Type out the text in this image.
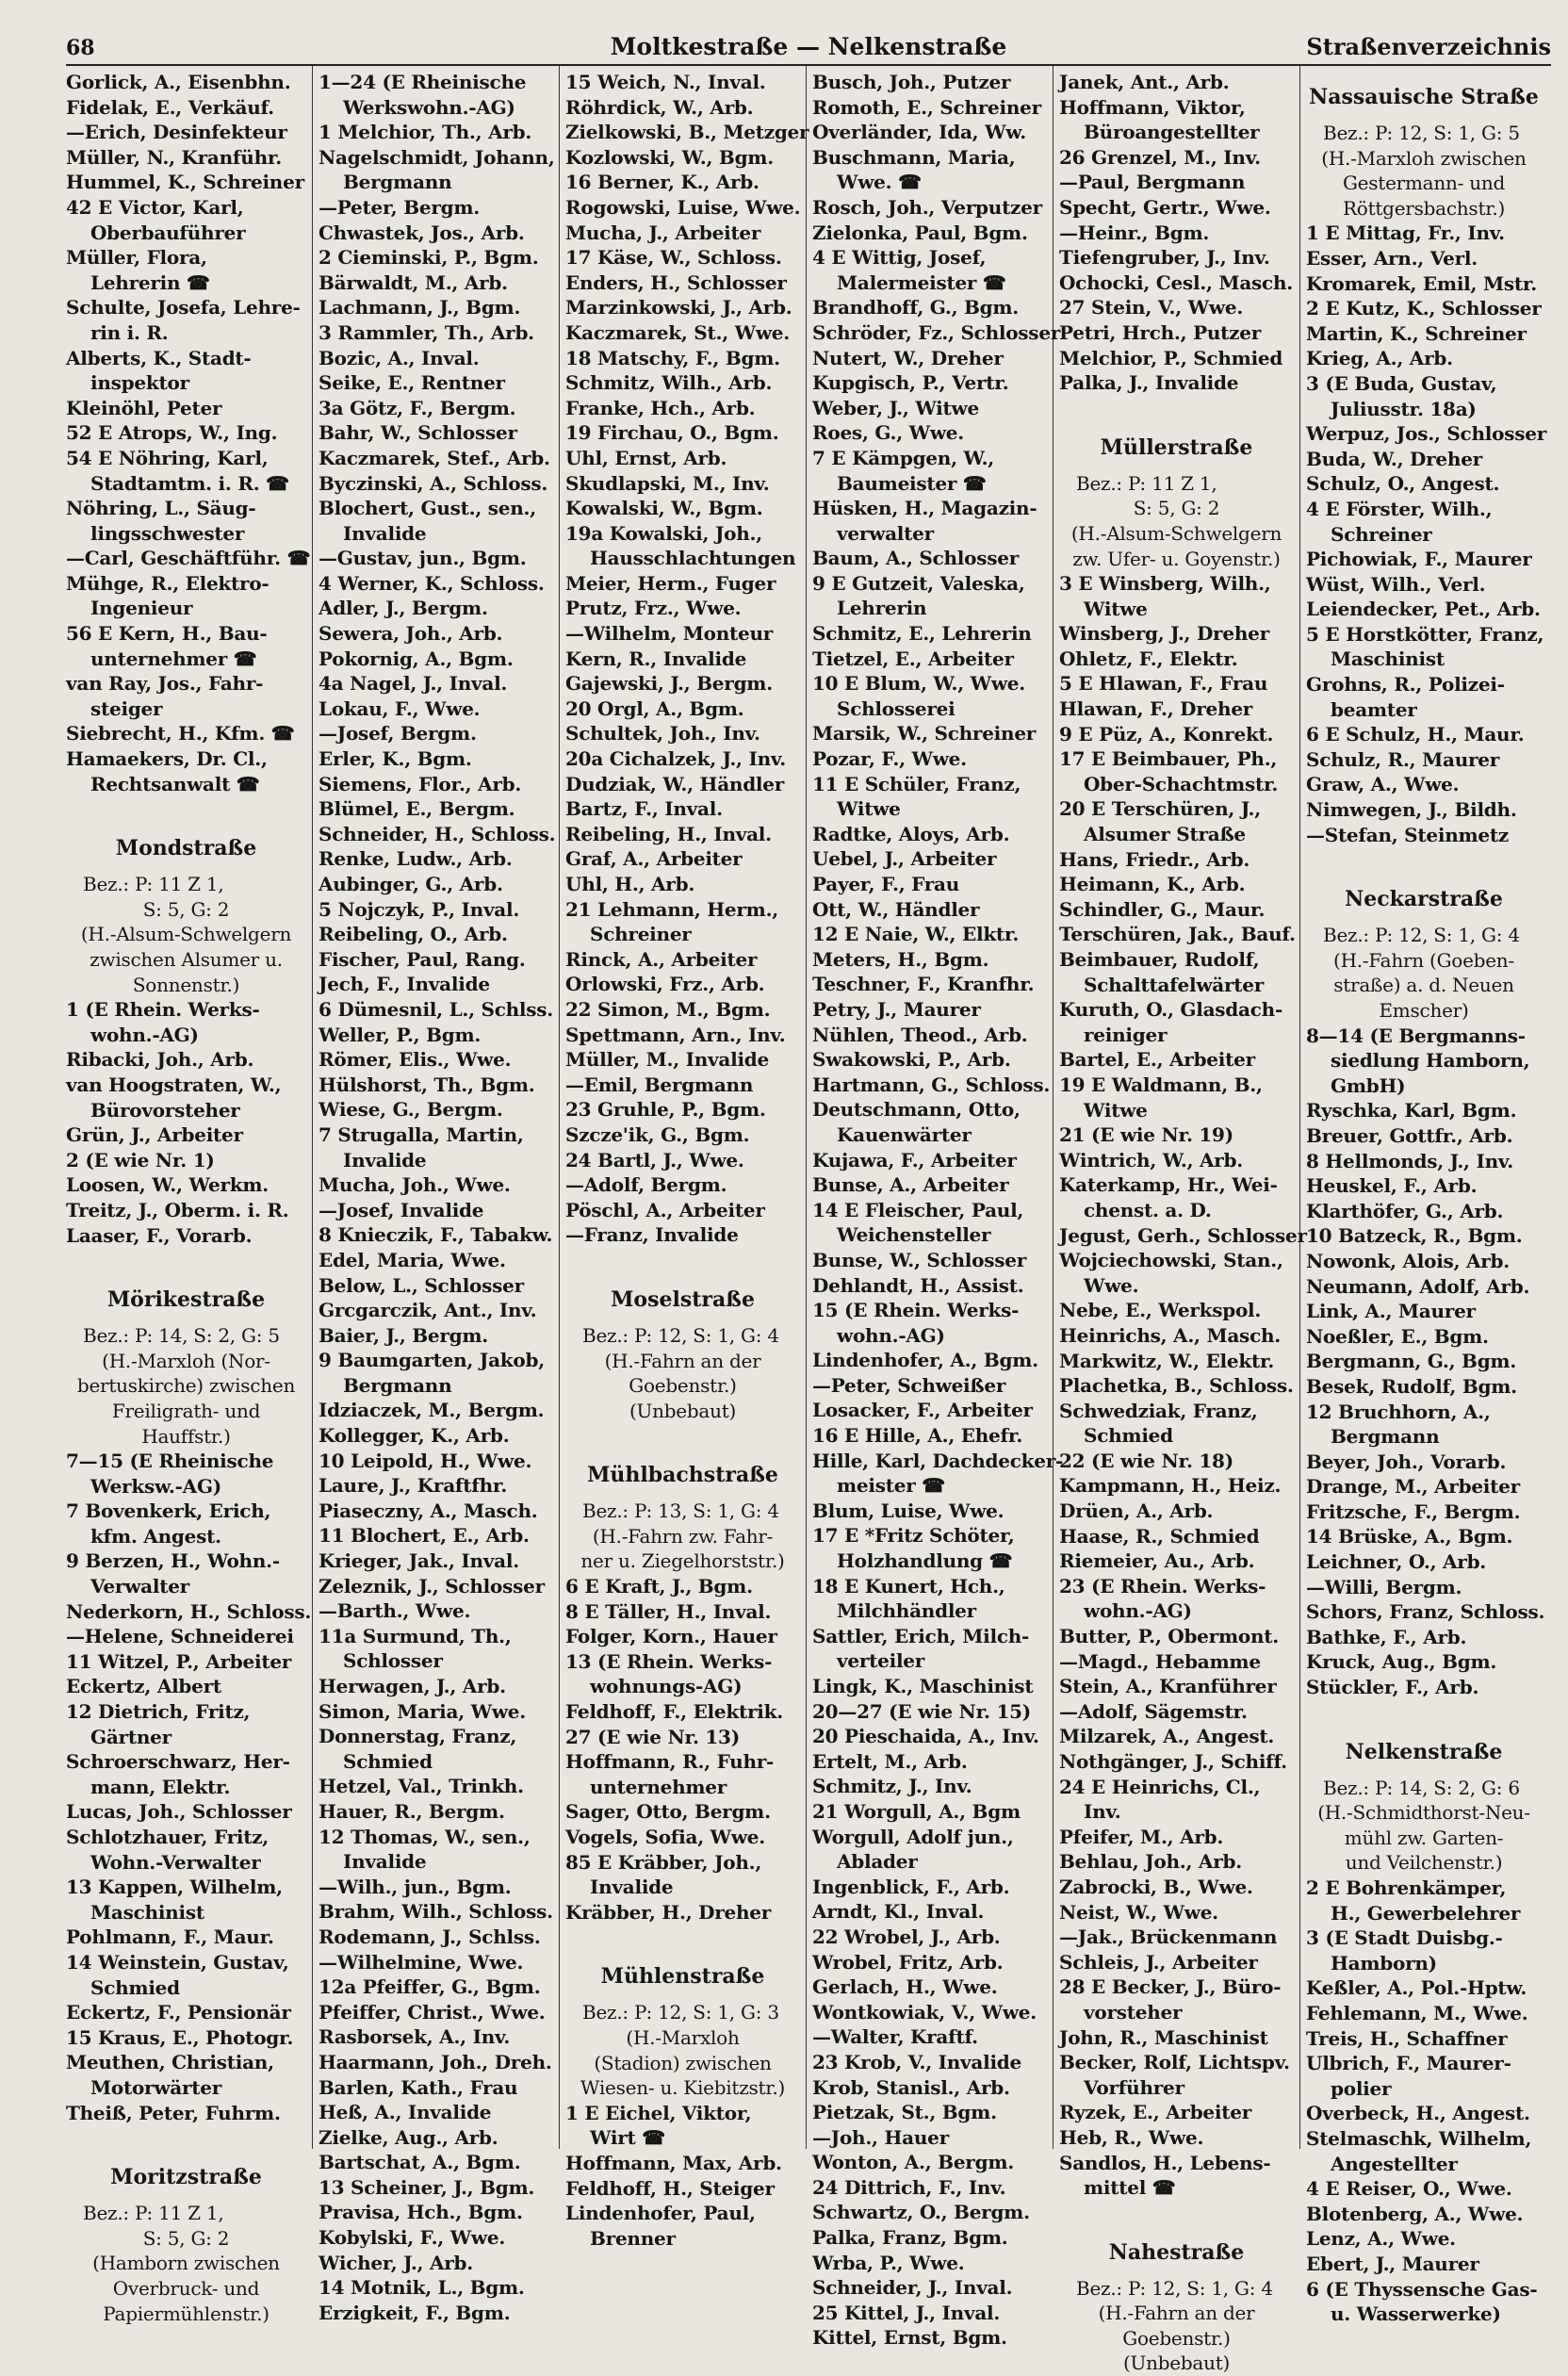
68	Moltkestraße — Nelkenstraße	Straßenverzeichnis
Gorlick, A., Eisenbhn.
Fidelak, E., Verkäuf.
—Erich, Desinfekteur
Müller, N., Kranführ.
Hummel, K., Schreiner
42 E Victor, Karl,
Oberbauführer
Müller, Flora,
Lehrerin ☎
Schulte, Josefa, Lehre-
rin i. R.
Alberts, K., Stadt-
inspektor
Kleinöhl, Peter
52 E Atrops, W., Ing.
54 E Nöhring, Karl,
Stadtamtm. i. R. ☎
Nöhring, L., Säug-
lingsschwester
—Carl, Geschäftführ. ☎
Mühge, R., Elektro-
Ingenieur
56 E Kern, H., Bau-
unternehmer ☎
van Ray, Jos., Fahr-
steiger
Siebrecht, H., Kfm. ☎
Hamaekers, Dr. Cl.,
Rechtsanwalt ☎
Mondstraße
Bez.: P: 11 Z 1,
S: 5, G: 2
(H.-Alsum-Schwelgern
zwischen Alsumer u.
Sonnenstr.)
1 (E Rhein. Werks-
wohn.-AG)
Ribacki, Joh., Arb.
van Hoogstraten, W.,
Bürovorsteher
Grün, J., Arbeiter
2 (E wie Nr. 1)
Loosen, W., Werkm.
Treitz, J., Oberm. i. R.
Laaser, F., Vorarb.
Mörikestraße
Bez.: P: 14, S: 2, G: 5
(H.-Marxloh (Nor-
bertuskirche) zwischen
Freiligrath- und
Hauffstr.)
7—15 (E Rheinische
Werksw.-AG)
7 Bovenkerk, Erich,
kfm. Angest.
9 Berzen, H., Wohn.-
Verwalter
Nederkorn, H., Schloss.
—Helene, Schneiderei
11 Witzel, P., Arbeiter
Eckertz, Albert
12 Dietrich, Fritz,
Gärtner
Schroerschwarz, Her-
mann, Elektr.
Lucas, Joh., Schlosser
Schlotzhauer, Fritz,
Wohn.-Verwalter
13 Kappen, Wilhelm,
Maschinist
Pohlmann, F., Maur.
14 Weinstein, Gustav,
Schmied
Eckertz, F., Pensionär
15 Kraus, E., Photogr.
Meuthen, Christian,
Motorwärter
Theiß, Peter, Fuhrm.
Moritzstraße
Bez.: P: 11 Z 1,
S: 5, G: 2
(Hamborn zwischen
Overbruck- und
Papiermühlenstr.)
1—24 (E Rheinische
Werkswohn.-AG)
1 Melchior, Th., Arb.
Nagelschmidt, Johann,
Bergmann
—Peter, Bergm.
Chwastek, Jos., Arb.
2 Cieminski, P., Bgm.
Bärwaldt, M., Arb.
Lachmann, J., Bgm.
3 Rammler, Th., Arb.
Bozic, A., Inval.
Seike, E., Rentner
3a Götz, F., Bergm.
Bahr, W., Schlosser
Kaczmarek, Stef., Arb.
Byczinski, A., Schloss.
Blochert, Gust., sen.,
Invalide
—Gustav, jun., Bgm.
4 Werner, K., Schloss.
Adler, J., Bergm.
Sewera, Joh., Arb.
Pokornig, A., Bgm.
4a Nagel, J., Inval.
Lokau, F., Wwe.
—Josef, Bergm.
Erler, K., Bgm.
Siemens, Flor., Arb.
Blümel, E., Bergm.
Schneider, H., Schloss.
Renke, Ludw., Arb.
Aubinger, G., Arb.
5 Nojczyk, P., Inval.
Reibeling, O., Arb.
Fischer, Paul, Rang.
Jech, F., Invalide
6 Dümesnil, L., Schlss.
Weller, P., Bgm.
Römer, Elis., Wwe.
Hülshorst, Th., Bgm.
Wiese, G., Bergm.
7 Strugalla, Martin,
Invalide
Mucha, Joh., Wwe.
—Josef, Invalide
8 Knieczik, F., Tabakw.
Edel, Maria, Wwe.
Below, L., Schlosser
Grcgarczik, Ant., Inv.
Baier, J., Bergm.
9 Baumgarten, Jakob,
Bergmann
Idziaczek, M., Bergm.
Kollegger, K., Arb.
10 Leipold, H., Wwe.
Laure, J., Kraftfhr.
Piaseczny, A., Masch.
11 Blochert, E., Arb.
Krieger, Jak., Inval.
Zeleznik, J., Schlosser
—Barth., Wwe.
11a Surmund, Th.,
Schlosser
Herwagen, J., Arb.
Simon, Maria, Wwe.
Donnerstag, Franz,
Schmied
Hetzel, Val., Trinkh.
Hauer, R., Bergm.
12 Thomas, W., sen.,
Invalide
—Wilh., jun., Bgm.
Brahm, Wilh., Schloss.
Rodemann, J., Schlss.
—Wilhelmine, Wwe.
12a Pfeiffer, G., Bgm.
Pfeiffer, Christ., Wwe.
Rasborsek, A., Inv.
Haarmann, Joh., Dreh.
Barlen, Kath., Frau
Heß, A., Invalide
Zielke, Aug., Arb.
Bartschat, A., Bgm.
13 Scheiner, J., Bgm.
Pravisa, Hch., Bgm.
Kobylski, F., Wwe.
Wicher, J., Arb.
14 Motnik, L., Bgm.
Erzigkeit, F., Bgm.
15 Weich, N., Inval.
Röhrdick, W., Arb.
Zielkowski, B., Metzger
Kozlowski, W., Bgm.
16 Berner, K., Arb.
Rogowski, Luise, Wwe.
Mucha, J., Arbeiter
17 Käse, W., Schloss.
Enders, H., Schlosser
Marzinkowski, J., Arb.
Kaczmarek, St., Wwe.
18 Matschy, F., Bgm.
Schmitz, Wilh., Arb.
Franke, Hch., Arb.
19 Firchau, O., Bgm.
Uhl, Ernst, Arb.
Skudlapski, M., Inv.
Kowalski, W., Bgm.
19a Kowalski, Joh.,
Hausschlachtungen
Meier, Herm., Fuger
Prutz, Frz., Wwe.
—Wilhelm, Monteur
Kern, R., Invalide
Gajewski, J., Bergm.
20 Orgl, A., Bgm.
Schultek, Joh., Inv.
20a Cichalzek, J., Inv.
Dudziak, W., Händler
Bartz, F., Inval.
Reibeling, H., Inval.
Graf, A., Arbeiter
Uhl, H., Arb.
21 Lehmann, Herm.,
Schreiner
Rinck, A., Arbeiter
Orlowski, Frz., Arb.
22 Simon, M., Bgm.
Spettmann, Arn., Inv.
Müller, M., Invalide
—Emil, Bergmann
23 Gruhle, P., Bgm.
Szcze'ik, G., Bgm.
24 Bartl, J., Wwe.
—Adolf, Bergm.
Pöschl, A., Arbeiter
—Franz, Invalide
Moselstraße
Bez.: P: 12, S: 1, G: 4
(H.-Fahrn an der
Goebenstr.)
(Unbebaut)
Mühlbachstraße
Bez.: P: 13, S: 1, G: 4
(H.-Fahrn zw. Fahr-
ner u. Ziegelhorststr.)
6 E Kraft, J., Bgm.
8 E Täller, H., Inval.
Folger, Korn., Hauer
13 (E Rhein. Werks-
wohnungs-AG)
Feldhoff, F., Elektrik.
27 (E wie Nr. 13)
Hoffmann, R., Fuhr-
unternehmer
Sager, Otto, Bergm.
Vogels, Sofia, Wwe.
85 E Kräbber, Joh.,
Invalide
Kräbber, H., Dreher
Mühlenstraße
Bez.: P: 12, S: 1, G: 3
(H.-Marxloh
(Stadion) zwischen
Wiesen- u. Kiebitzstr.)
1 E Eichel, Viktor,
Wirt ☎
Hoffmann, Max, Arb.
Feldhoff, H., Steiger
Lindenhofer, Paul,
Brenner
Busch, Joh., Putzer
Romoth, E., Schreiner
Overländer, Ida, Ww.
Buschmann, Maria,
Wwe. ☎
Rosch, Joh., Verputzer
Zielonka, Paul, Bgm.
4 E Wittig, Josef,
Malermeister ☎
Brandhoff, G., Bgm.
Schröder, Fz., Schlosser
Nutert, W., Dreher
Kupgisch, P., Vertr.
Weber, J., Witwe
Roes, G., Wwe.
7 E Kämpgen, W.,
Baumeister ☎
Hüsken, H., Magazin-
verwalter
Baum, A., Schlosser
9 E Gutzeit, Valeska,
Lehrerin
Schmitz, E., Lehrerin
Tietzel, E., Arbeiter
10 E Blum, W., Wwe.
Schlosserei
Marsik, W., Schreiner
Pozar, F., Wwe.
11 E Schüler, Franz,
Witwe
Radtke, Aloys, Arb.
Uebel, J., Arbeiter
Payer, F., Frau
Ott, W., Händler
12 E Naie, W., Elktr.
Meters, H., Bgm.
Teschner, F., Kranfhr.
Petry, J., Maurer
Nühlen, Theod., Arb.
Swakowski, P., Arb.
Hartmann, G., Schloss.
Deutschmann, Otto,
Kauenwärter
Kujawa, F., Arbeiter
Bunse, A., Arbeiter
14 E Fleischer, Paul,
Weichensteller
Bunse, W., Schlosser
Dehlandt, H., Assist.
15 (E Rhein. Werks-
wohn.-AG)
Lindenhofer, A., Bgm.
—Peter, Schweißer
Losacker, F., Arbeiter
16 E Hille, A., Ehefr.
Hille, Karl, Dachdecker-
meister ☎
Blum, Luise, Wwe.
17 E *Fritz Schöter,
Holzhandlung ☎
18 E Kunert, Hch.,
Milchhändler
Sattler, Erich, Milch-
verteiler
Lingk, K., Maschinist
20—27 (E wie Nr. 15)
20 Pieschaida, A., Inv.
Ertelt, M., Arb.
Schmitz, J., Inv.
21 Worgull, A., Bgm
Worgull, Adolf jun.,
Ablader
Ingenblick, F., Arb.
Arndt, Kl., Inval.
22 Wrobel, J., Arb.
Wrobel, Fritz, Arb.
Gerlach, H., Wwe.
Wontkowiak, V., Wwe.
—Walter, Kraftf.
23 Krob, V., Invalide
Krob, Stanisl., Arb.
Pietzak, St., Bgm.
—Joh., Hauer
Wonton, A., Bergm.
24 Dittrich, F., Inv.
Schwartz, O., Bergm.
Palka, Franz, Bgm.
Wrba, P., Wwe.
Schneider, J., Inval.
25 Kittel, J., Inval.
Kittel, Ernst, Bgm.
Janek, Ant., Arb.
Hoffmann, Viktor,
Büroangestellter
26 Grenzel, M., Inv.
—Paul, Bergmann
Specht, Gertr., Wwe.
—Heinr., Bgm.
Tiefengruber, J., Inv.
Ochocki, Cesl., Masch.
27 Stein, V., Wwe.
Petri, Hrch., Putzer
Melchior, P., Schmied
Palka, J., Invalide
Müllerstraße
Bez.: P: 11 Z 1,
S: 5, G: 2
(H.-Alsum-Schwelgern
zw. Ufer- u. Goyenstr.)
3 E Winsberg, Wilh.,
Witwe
Winsberg, J., Dreher
Ohletz, F., Elektr.
5 E Hlawan, F., Frau
Hlawan, F., Dreher
9 E Püz, A., Konrekt.
17 E Beimbauer, Ph.,
Ober-Schachtmstr.
20 E Terschüren, J.,
Alsumer Straße
Hans, Friedr., Arb.
Heimann, K., Arb.
Schindler, G., Maur.
Terschüren, Jak., Bauf.
Beimbauer, Rudolf,
Schalttafelwärter
Kuruth, O., Glasdach-
reiniger
Bartel, E., Arbeiter
19 E Waldmann, B.,
Witwe
21 (E wie Nr. 19)
Wintrich, W., Arb.
Katerkamp, Hr., Wei-
chenst. a. D.
Jegust, Gerh., Schlosser
Wojciechowski, Stan.,
Wwe.
Nebe, E., Werkspol.
Heinrichs, A., Masch.
Markwitz, W., Elektr.
Plachetka, B., Schloss.
Schwedziak, Franz,
Schmied
22 (E wie Nr. 18)
Kampmann, H., Heiz.
Drüen, A., Arb.
Haase, R., Schmied
Riemeier, Au., Arb.
23 (E Rhein. Werks-
wohn.-AG)
Butter, P., Obermont.
—Magd., Hebamme
Stein, A., Kranführer
—Adolf, Sägemstr.
Milzarek, A., Angest.
Nothgänger, J., Schiff.
24 E Heinrichs, Cl.,
Inv.
Pfeifer, M., Arb.
Behlau, Joh., Arb.
Zabrocki, B., Wwe.
Neist, W., Wwe.
—Jak., Brückenmann
Schleis, J., Arbeiter
28 E Becker, J., Büro-
vorsteher
John, R., Maschinist
Becker, Rolf, Lichtspv.
Vorführer
Ryzek, E., Arbeiter
Heb, R., Wwe.
Sandlos, H., Lebens-
mittel ☎
Nahestraße
Bez.: P: 12, S: 1, G: 4
(H.-Fahrn an der
Goebenstr.)
(Unbebaut)
Nassauische Straße
Bez.: P: 12, S: 1, G: 5
(H.-Marxloh zwischen
Gestermann- und
Röttgersbachstr.)
1 E Mittag, Fr., Inv.
Esser, Arn., Verl.
Kromarek, Emil, Mstr.
2 E Kutz, K., Schlosser
Martin, K., Schreiner
Krieg, A., Arb.
3 (E Buda, Gustav,
Juliusstr. 18a)
Werpuz, Jos., Schlosser
Buda, W., Dreher
Schulz, O., Angest.
4 E Förster, Wilh.,
Schreiner
Pichowiak, F., Maurer
Wüst, Wilh., Verl.
Leiendecker, Pet., Arb.
5 E Horstkötter, Franz,
Maschinist
Grohns, R., Polizei-
beamter
6 E Schulz, H., Maur.
Schulz, R., Maurer
Graw, A., Wwe.
Nimwegen, J., Bildh.
—Stefan, Steinmetz
Neckarstraße
Bez.: P: 12, S: 1, G: 4
(H.-Fahrn (Goeben-
straße) a. d. Neuen
Emscher)
8—14 (E Bergmanns-
siedlung Hamborn,
GmbH)
Ryschka, Karl, Bgm.
Breuer, Gottfr., Arb.
8 Hellmonds, J., Inv.
Heuskel, F., Arb.
Klarthöfer, G., Arb.
10 Batzeck, R., Bgm.
Nowonk, Alois, Arb.
Neumann, Adolf, Arb.
Link, A., Maurer
Noeßler, E., Bgm.
Bergmann, G., Bgm.
Besek, Rudolf, Bgm.
12 Bruchhorn, A.,
Bergmann
Beyer, Joh., Vorarb.
Drange, M., Arbeiter
Fritzsche, F., Bergm.
14 Brüske, A., Bgm.
Leichner, O., Arb.
—Willi, Bergm.
Schors, Franz, Schloss.
Bathke, F., Arb.
Kruck, Aug., Bgm.
Stückler, F., Arb.
Nelkenstraße
Bez.: P: 14, S: 2, G: 6
(H.-Schmidthorst-Neu-
mühl zw. Garten-
und Veilchenstr.)
2 E Bohrenkämper,
H., Gewerbelehrer
3 (E Stadt Duisbg.-
Hamborn)
Keßler, A., Pol.-Hptw.
Fehlemann, M., Wwe.
Treis, H., Schaffner
Ulbrich, F., Maurer-
polier
Overbeck, H., Angest.
Stelmaschk, Wilhelm,
Angestellter
4 E Reiser, O., Wwe.
Blotenberg, A., Wwe.
Lenz, A., Wwe.
Ebert, J., Maurer
6 (E Thyssensche Gas-
u. Wasserwerke)
